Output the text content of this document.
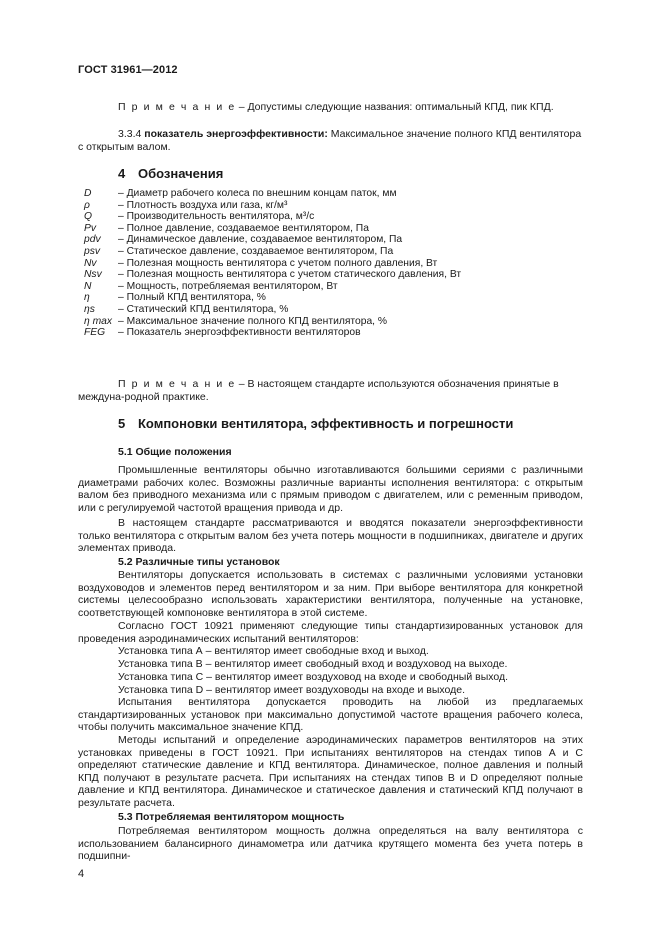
ГОСТ 31961—2012
П р и м е ч а н и е – Допустимы следующие названия: оптимальный КПД, пик КПД.
3.3.4 показатель энергоэффективности: Максимальное значение полного КПД вентилятора с открытым валом.
4 Обозначения
D	– Диаметр рабочего колеса по внешним концам паток, мм
ρ	– Плотность воздуха или газа, кг/м³
Q	– Производительность вентилятора, м³/с
Pv – Полное давление, создаваемое вентилятором, Па
pdv – Динамическое давление, создаваемое вентилятором, Па
psv – Статическое давление, создаваемое вентилятором, Па
Nv – Полезная мощность вентилятора с учетом полного давления, Вт
Nsv – Полезная мощность вентилятора с учетом статического давления, Вт
N	– Мощность, потребляемая вентилятором, Вт
η	– Полный КПД вентилятора, %
ηs – Статический КПД вентилятора, %
η max – Максимальное значение полного КПД вентилятора, %
FEG – Показатель энергоэффективности вентиляторов
П р и м е ч а н и е – В настоящем стандарте используются обозначения принятые в междуна-родной практике.
5 Компоновки вентилятора, эффективность и погрешности
5.1 Общие положения
Промышленные вентиляторы обычно изготавливаются большими сериями с различными диаметрами рабочих колес. Возможны различные варианты исполнения вентилятора: с открытым валом без приводного механизма или с прямым приводом с двигателем, или с ременным приводом, или с регулируемой частотой вращения привода и др.
В настоящем стандарте рассматриваются и вводятся показатели энергоэффективности только вентилятора с открытым валом без учета потерь мощности в подшипниках, двигателе и других элементах привода.
5.2 Различные типы установок
Вентиляторы допускается использовать в системах с различными условиями установки воздуховодов и элементов перед вентилятором и за ним. При выборе вентилятора для конкретной системы целесообразно использовать характеристики вентилятора, полученные на установке, соответствующей компоновке вентилятора в этой системе.
Согласно ГОСТ 10921 применяют следующие типы стандартизированных установок для проведения аэродинамических испытаний вентиляторов:
Установка типа А – вентилятор имеет свободные вход и выход.
Установка типа В – вентилятор имеет свободный вход и воздуховод на выходе.
Установка типа С – вентилятор имеет воздуховод на входе и свободный выход.
Установка типа D – вентилятор имеет воздуховоды на входе и выходе.
Испытания вентилятора допускается проводить на любой из предлагаемых стандартизированных установок при максимально допустимой частоте вращения рабочего колеса, чтобы получить максимальное значение КПД.
Методы испытаний и определение аэродинамических параметров вентиляторов на этих установках приведены в ГОСТ 10921. При испытаниях вентиляторов на стендах типов А и С определяют статические давление и КПД вентилятора. Динамическое, полное давления и полный КПД получают в результате расчета. При испытаниях на стендах типов В и D определяют полные давление и КПД вентилятора. Динамическое и статическое давления и статический КПД получают в результате расчета.
5.3 Потребляемая вентилятором мощность
Потребляемая вентилятором мощность должна определяться на валу вентилятора с использованием балансирного динамометра или датчика крутящего момента без учета потерь в подшипни-
4
